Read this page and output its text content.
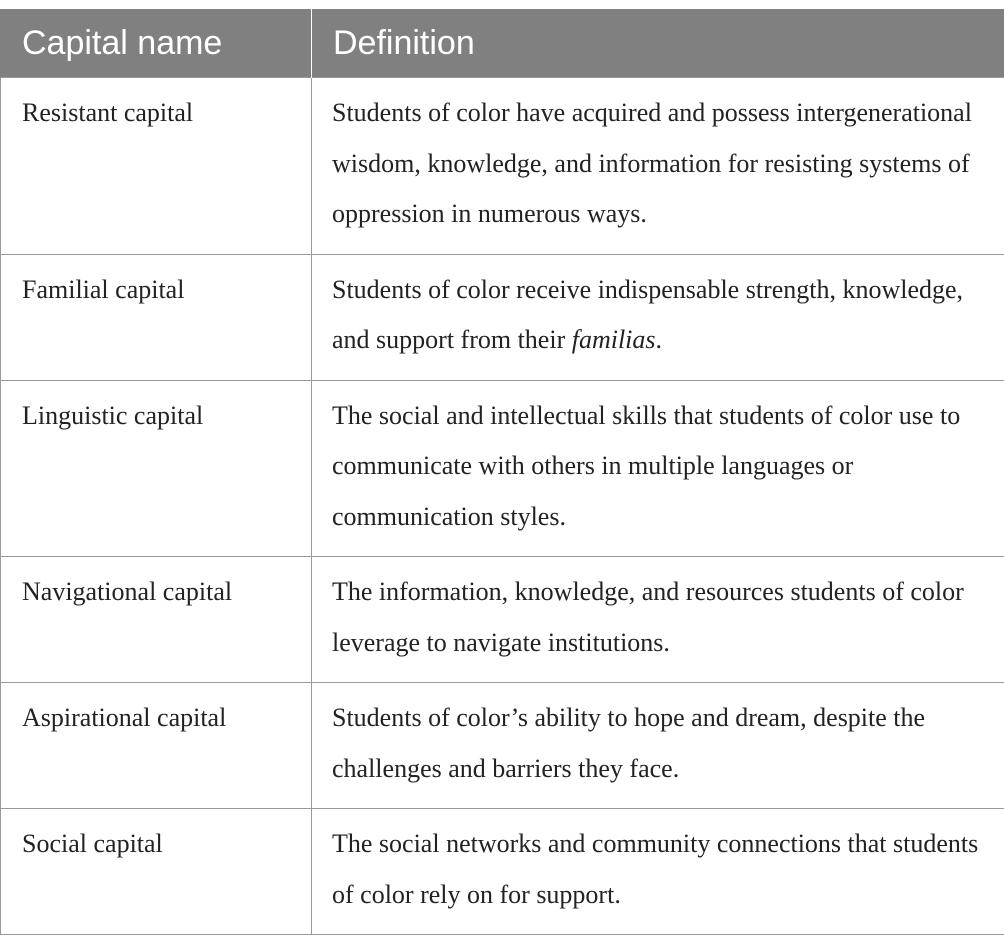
Capital name	Definition
Resistant capital	Students of color have acquired and possess intergenerational wisdom, knowledge, and information for resisting systems of oppression in numerous ways.
Familial capital	Students of color receive indispensable strength, knowledge, and support from their familias.
Linguistic capital	The social and intellectual skills that students of color use to communicate with others in multiple languages or communication styles.
Navigational capital	The information, knowledge, and resources students of color leverage to navigate institutions.
Aspirational capital	Students of color’s ability to hope and dream, despite the challenges and barriers they face.
Social capital	The social networks and community connections that students of color rely on for support.
